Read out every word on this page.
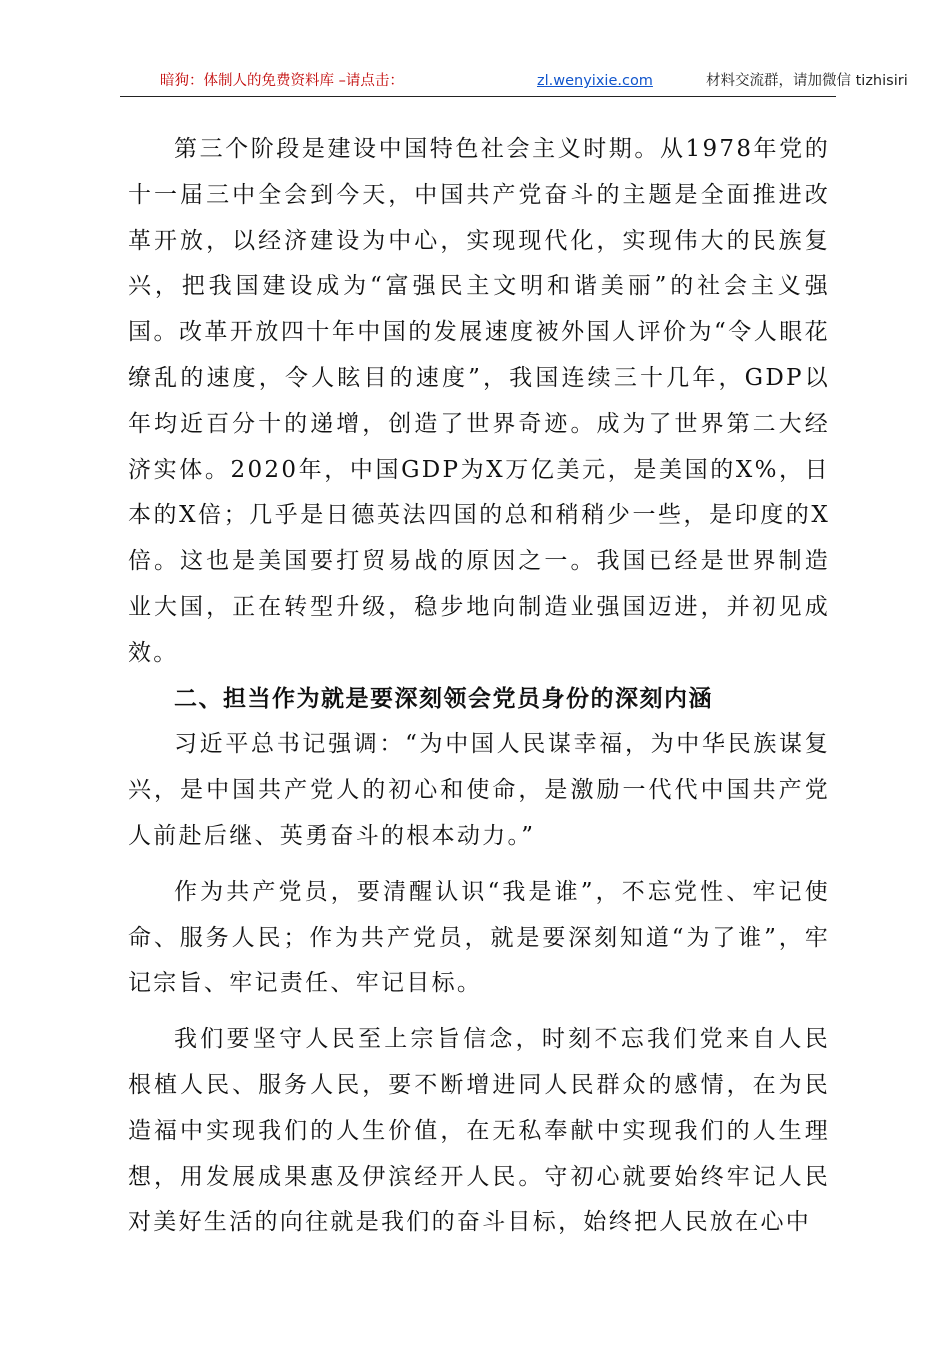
暗狗：体制人的免费资料库 –请点击：	zl.wenyixie.com	材料交流群，请加微信 tizhisiri

第三个阶段是建设中国特色社会主义时期。从1978年党的十一届三中全会到今天，中国共产党奋斗的主题是全面推进改革开放，以经济建设为中心，实现现代化，实现伟大的民族复兴，把我国建设成为“富强民主文明和谐美丽”的社会主义强国。改革开放四十年中国的发展速度被外国人评价为“令人眼花缭乱的速度，令人眩目的速度”，我国连续三十几年，GDP以年均近百分十的递增，创造了世界奇迹。成为了世界第二大经济实体。2020年，中国GDP为X万亿美元，是美国的X%，日本的X倍；几乎是日德英法四国的总和稍稍少一些，是印度的X倍。这也是美国要打贸易战的原因之一。我国已经是世界制造业大国，正在转型升级，稳步地向制造业强国迈进，并初见成效。

二、担当作为就是要深刻领会党员身份的深刻内涵

习近平总书记强调：“为中国人民谋幸福，为中华民族谋复兴，是中国共产党人的初心和使命，是激励一代代中国共产党人前赴后继、英勇奋斗的根本动力。”

作为共产党员，要清醒认识“我是谁”，不忘党性、牢记使命、服务人民；作为共产党员，就是要深刻知道“为了谁”，牢记宗旨、牢记责任、牢记目标。

我们要坚守人民至上宗旨信念，时刻不忘我们党来自人民根植人民、服务人民，要不断增进同人民群众的感情，在为民造福中实现我们的人生价值，在无私奉献中实现我们的人生理想，用发展成果惠及伊滨经开人民。守初心就要始终牢记人民对美好生活的向往就是我们的奋斗目标，始终把人民放在心中
